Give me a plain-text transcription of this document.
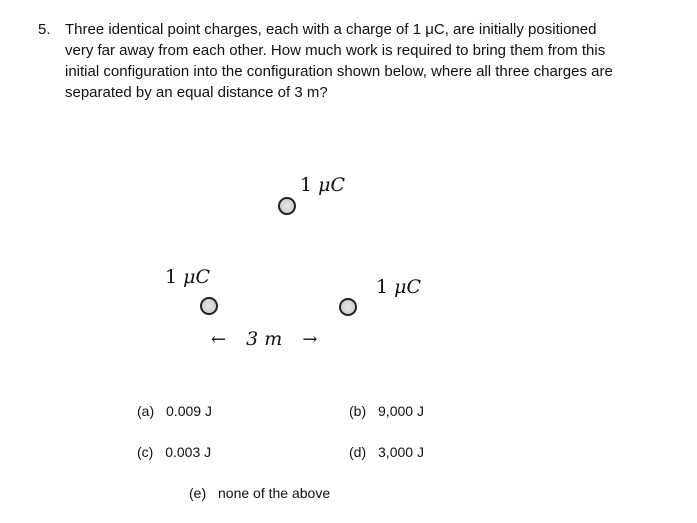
5. Three identical point charges, each with a charge of 1 μC, are initially positioned
very far away from each other. How much work is required to bring them from this
initial configuration into the configuration shown below, where all three charges are
separated by an equal distance of 3 m?
1 μC
1 μC	1 μC
← 3 m →
(a) 0.009 J	(b) 9,000 J
(c) 0.003 J	(d) 3,000 J
(e) none of the above
